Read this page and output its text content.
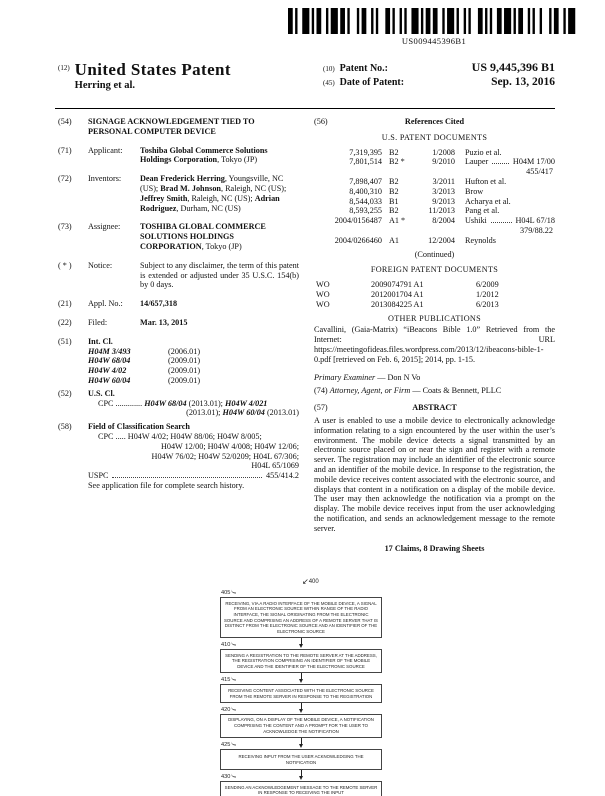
US009445396B1
(12) United States Patent
Herring et al.
(10) Patent No.:	US 9,445,396 B1
(45) Date of Patent:	Sep. 13, 2016
(54)	SIGNAGE ACKNOWLEDGEMENT TIED TO PERSONAL COMPUTER DEVICE
(71)	Applicant:	Toshiba Global Commerce Solutions Holdings Corporation, Tokyo (JP)
(72)	Inventors:	Dean Frederick Herring, Youngsville, NC (US); Brad M. Johnson, Raleigh, NC (US); Jeffrey Smith, Raleigh, NC (US); Adrian Rodriguez, Durham, NC (US)
(73)	Assignee:	TOSHIBA GLOBAL COMMERCE SOLUTIONS HOLDINGS CORPORATION, Tokyo (JP)
( * )	Notice:	Subject to any disclaimer, the term of this patent is extended or adjusted under 35 U.S.C. 154(b) by 0 days.
(21)	Appl. No.:	14/657,318
(22)	Filed:	Mar. 13, 2015
(51)	Int. Cl.
H04M 3/493	(2006.01)
H04W 68/04	(2009.01)
H04W 4/02	(2009.01)
H04W 60/04	(2009.01)
(52)	U.S. Cl.
CPC ............. H04W 68/04 (2013.01); H04W 4/021
(2013.01); H04W 60/04 (2013.01)
(58)	Field of Classification Search
CPC ..... H04W 4/02; H04W 88/06; H04W 8/005;
H04W 12/00; H04W 4/008; H04W 12/06;
H04W 76/02; H04W 52/0209; H04L 67/306;
H04L 65/1069
USPC	455/414.2
See application file for complete search history.
(56)	References Cited
U.S. PATENT DOCUMENTS
7,319,395 B2	1/2008	Puzio et al.
7,801,514 B2 *	9/2010	Lauper	H04M 17/00
455/417
7,898,407 B2	3/2011	Hufton et al.
8,400,310 B2	3/2013	Brow
8,544,033 B1	9/2013	Acharya et al.
8,593,255 B2	11/2013	Pang et al.
2004/0156487 A1 *	8/2004	Ushiki	H04L 67/18
379/88.22
2004/0266460 A1	12/2004	Reynolds
(Continued)
FOREIGN PATENT DOCUMENTS
WO	2009074791 A1	6/2009
WO	2012001704 A1	1/2012
WO	2013084225 A1	6/2013
OTHER PUBLICATIONS
Cavallini, (Gaia-Matrix) “iBeacons Bible 1.0” Retrieved from the Internet: URL https://meetingofideas.files.wordpress.com/2013/12/ibeacons-bible-1-0.pdf [retrieved on Feb. 6, 2015]; 2014, pp. 1-15.
Primary Examiner — Don N Vo
(74) Attorney, Agent, or Firm — Coats & Bennett, PLLC
(57)	ABSTRACT
A user is enabled to use a mobile device to electronically acknowledge information relating to a sign encountered by the user within the user’s environment. The mobile device detects a signal transmitted by an electronic source placed on or near the sign and register with a remote server. The registration may include an identifier of the electronic source and an identifier of the mobile device. In response to the registration, the mobile device receives content associated with the electronic source, and displays that content in a notification on a display of the mobile device. The user may then acknowledge the notification via a prompt on the display. The mobile device receives input from the user acknowledging the notification, and sends an acknowledgement message to the remote server.
17 Claims, 8 Drawing Sheets
↙400
405
RECEIVING, VIA A RADIO INTERFACE OF THE MOBILE DEVICE, A SIGNAL FROM AN ELECTRONIC SOURCE WITHIN RANGE OF THE RADIO INTERFACE, THE SIGNAL ORIGINATING FROM THE ELECTRONIC SOURCE AND COMPRISING AN ADDRESS OF A REMOTE SERVER THAT IS DISTINCT FROM THE ELECTRONIC SOURCE AND AN IDENTIFIER OF THE ELECTRONIC SOURCE
410
SENDING A REGISTRATION TO THE REMOTE SERVER AT THE ADDRESS, THE REGISTRATION COMPRISING AN IDENTIFIER OF THE MOBILE DEVICE AND THE IDENTIFIER OF THE ELECTRONIC SOURCE
415
RECEIVING CONTENT ASSOCIATED WITH THE ELECTRONIC SOURCE FROM THE REMOTE SERVER IN RESPONSE TO THE REGISTRATION
420
DISPLAYING, ON A DISPLAY OF THE MOBILE DEVICE, A NOTIFICATION COMPRISING THE CONTENT AND A PROMPT FOR THE USER TO ACKNOWLEDGE THE NOTIFICATION
425
RECEIVING INPUT FROM THE USER ACKNOWLEDGING THE NOTIFICATION
430
SENDING AN ACKNOWLEDGEMENT MESSAGE TO THE REMOTE SERVER IN RESPONSE TO RECEIVING THE INPUT
